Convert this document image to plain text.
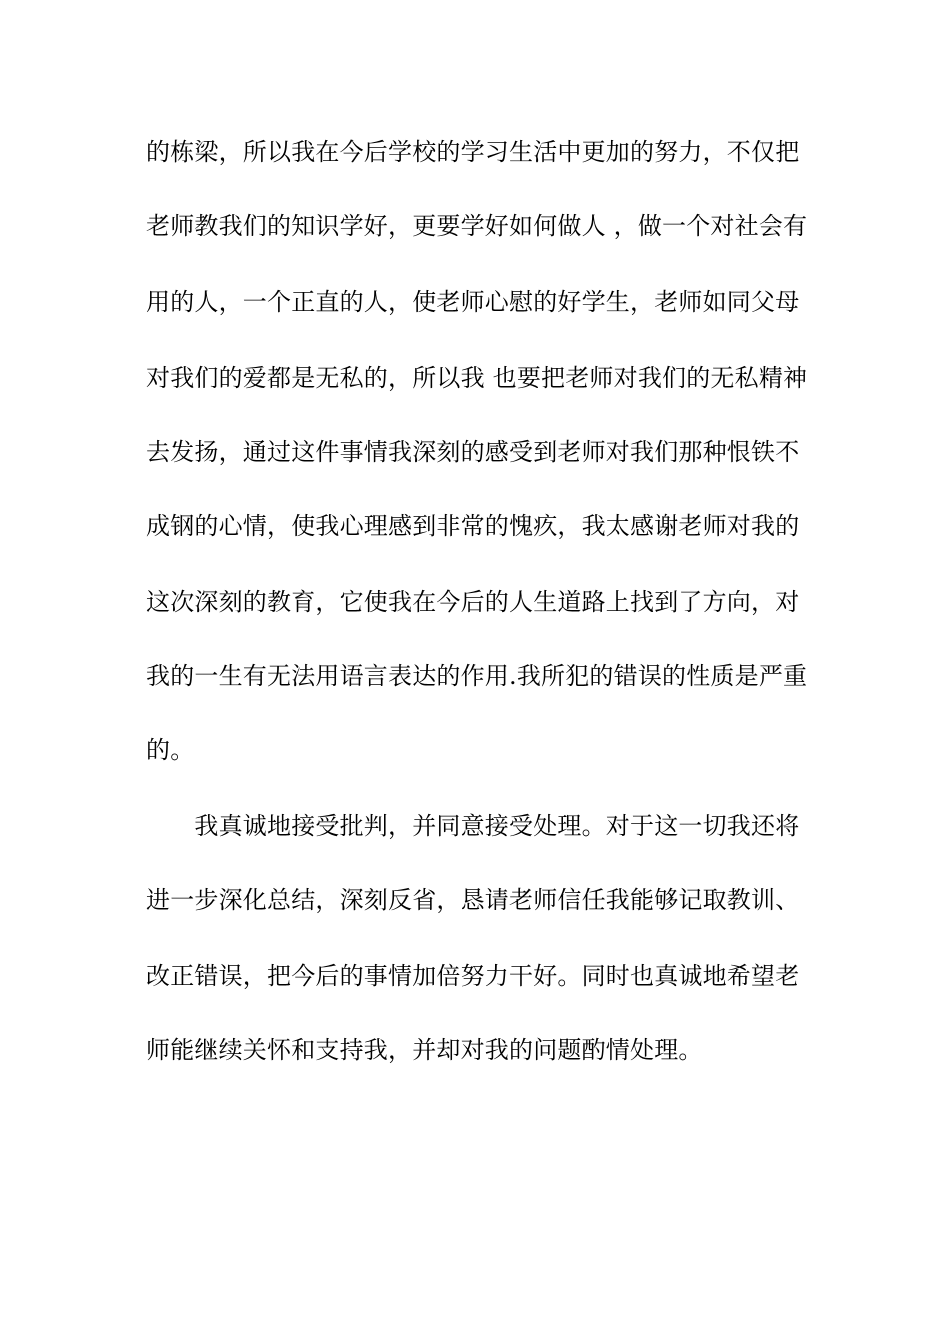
的栋梁，所以我在今后学校的学习生活中更加的努力，不仅把
老师教我们的知识学好，更要学好如何做人 ，做一个对社会有
用的人，一个正直的人，使老师心慰的好学生，老师如同父母
对我们的爱都是无私的，所以我 也要把老师对我们的无私精神
去发扬，通过这件事情我深刻的感受到老师对我们那种恨铁不
成钢的心情，使我心理感到非常的愧疚，我太感谢老师对我的
这次深刻的教育，它使我在今后的人生道路上找到了方向，对
我的一生有无法用语言表达的作用.我所犯的错误的性质是严重
的。
　　我真诚地接受批判，并同意接受处理。对于这一切我还将
进一步深化总结，深刻反省，恳请老师信任我能够记取教训、
改正错误，把今后的事情加倍努力干好。同时也真诚地希望老
师能继续关怀和支持我，并却对我的问题酌情处理。
